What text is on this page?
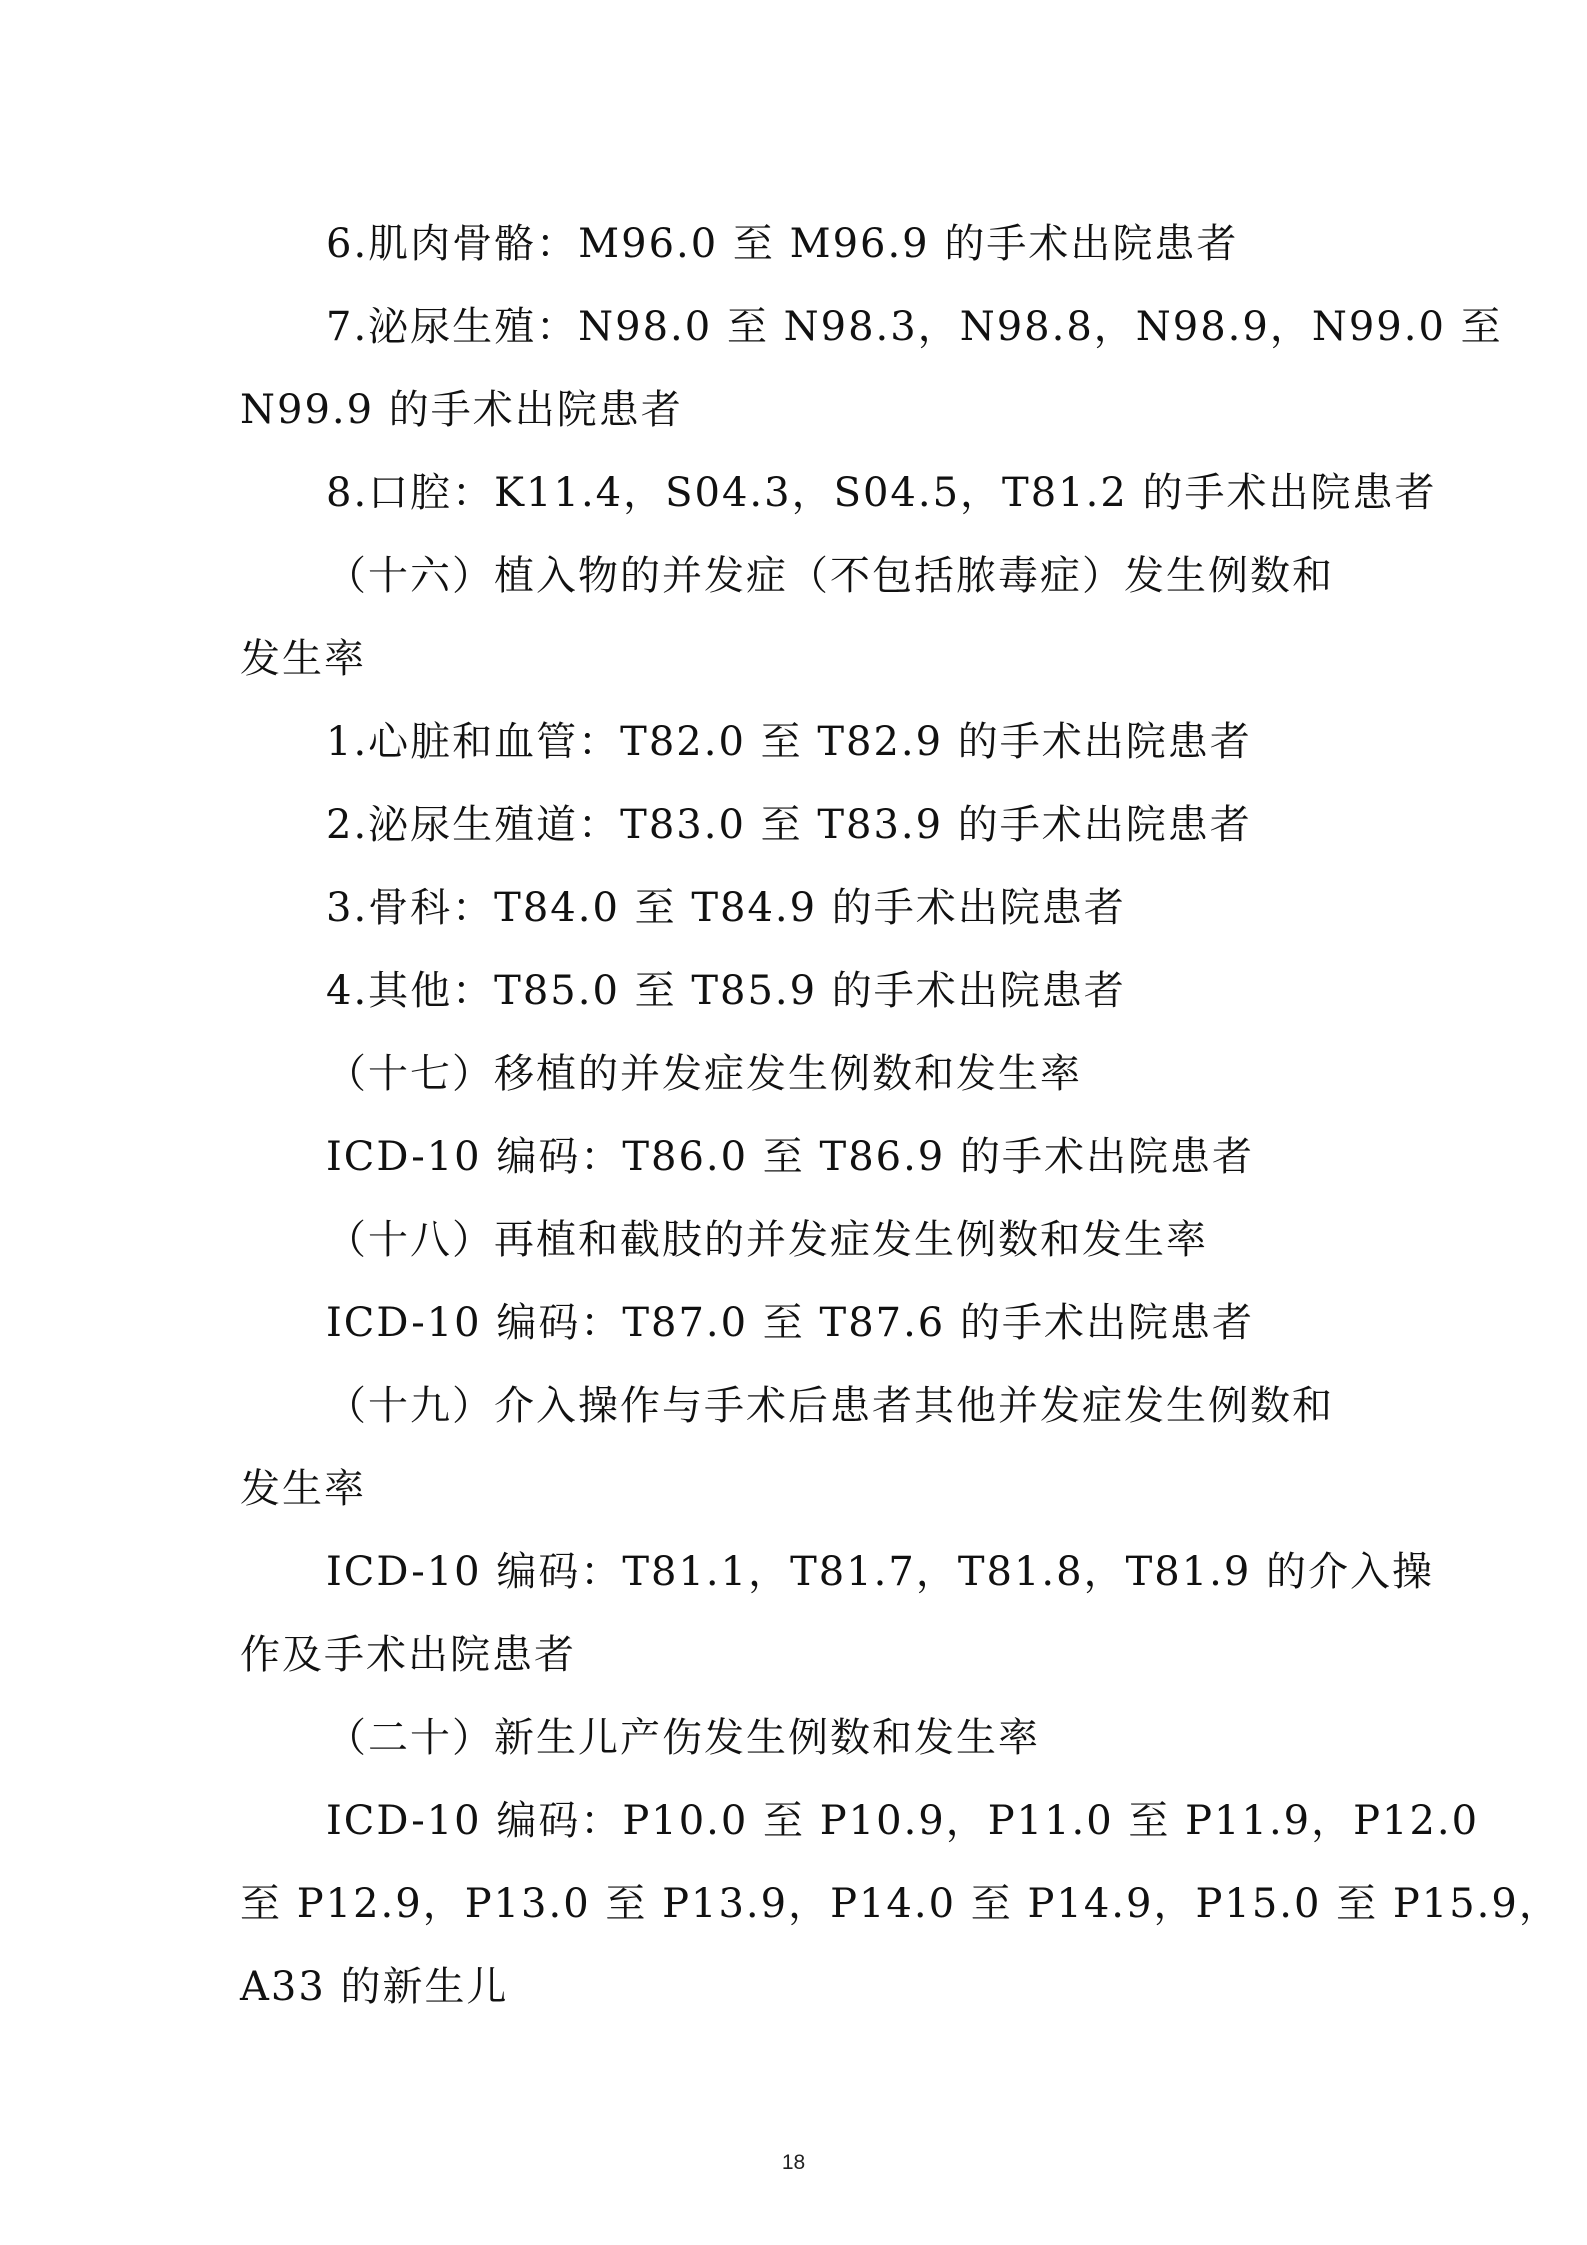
6.肌肉骨骼：M96.0 至 M96.9 的手术出院患者
7.泌尿生殖：N98.0 至 N98.3，N98.8，N98.9，N99.0 至
N99.9 的手术出院患者
8.口腔：K11.4，S04.3，S04.5，T81.2 的手术出院患者
（十六）植入物的并发症（不包括脓毒症）发生例数和
发生率
1.心脏和血管：T82.0 至 T82.9 的手术出院患者
2.泌尿生殖道：T83.0 至 T83.9 的手术出院患者
3.骨科：T84.0 至 T84.9 的手术出院患者
4.其他：T85.0 至 T85.9 的手术出院患者
（十七）移植的并发症发生例数和发生率
ICD-10 编码：T86.0 至 T86.9 的手术出院患者
（十八）再植和截肢的并发症发生例数和发生率
ICD-10 编码：T87.0 至 T87.6 的手术出院患者
（十九）介入操作与手术后患者其他并发症发生例数和
发生率
ICD-10 编码：T81.1，T81.7，T81.8，T81.9 的介入操
作及手术出院患者
（二十）新生儿产伤发生例数和发生率
ICD-10 编码：P10.0 至 P10.9，P11.0 至 P11.9，P12.0
至 P12.9，P13.0 至 P13.9，P14.0 至 P14.9，P15.0 至 P15.9，
A33 的新生儿
18
